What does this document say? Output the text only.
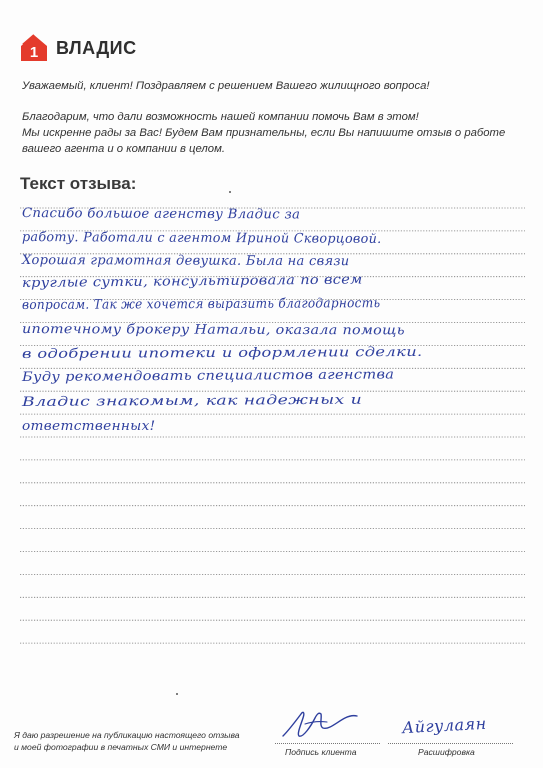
1 ВЛАДИС

Уважаемый, клиент! Поздравляем с решением Вашего жилищного вопроса!

Благодарим, что дали возможность нашей компании помочь Вам в этом!

Мы искренне рады за Вас! Будем Вам признательны, если Вы напишите отзыв о работе

вашего агента и о компании в целом.

Текст отзыва:
Спасибо большое агенству Владис за
работу. Работали с агентом Ириной Скворцовой.
Хорошая грамотная девушка. Была на связи
круглые сутки, консультировала по всем
вопросам. Так же хочется выразить благодарность
ипотечному брокеру Натальи, оказала помощь
в одобрении ипотеки и оформлении сделки.
Буду рекомендовать специалистов агенства
Владис знакомым, как надежных и
ответственных!
Я даю разрешение на публикацию настоящего отзыва
и моей фотографии в печатных СМИ и интернете	Подпись клиента
Айгулаян
Расшифровка
